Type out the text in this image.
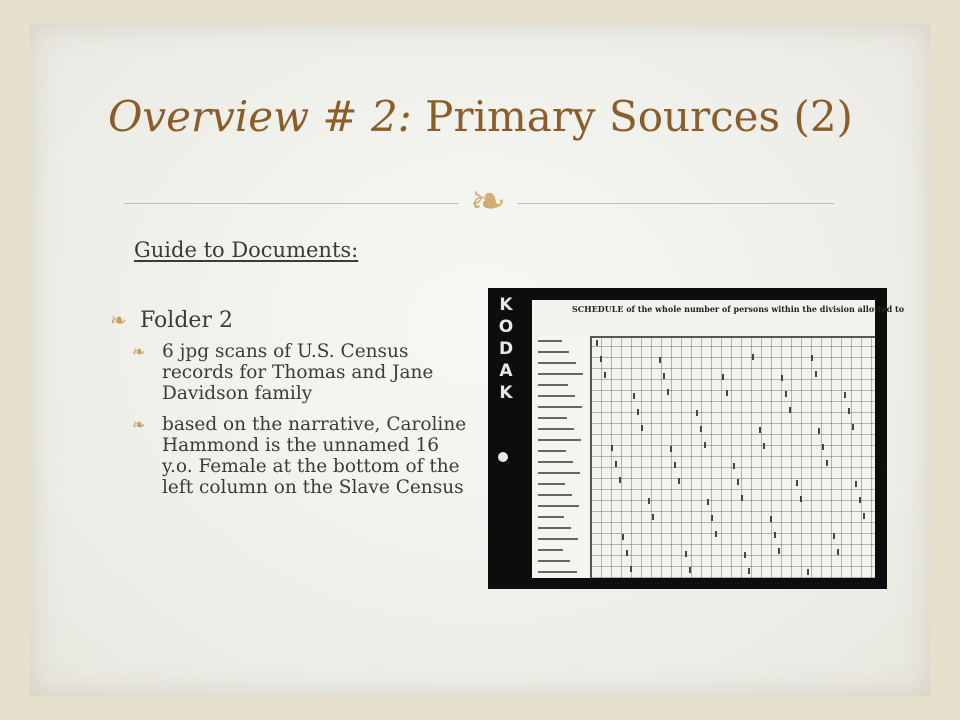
Overview # 2: Primary Sources (2)
❧
Guide to Documents:
❧ Folder 2
❧ 6 jpg scans of U.S. Census records for Thomas and Jane Davidson family
❧ based on the narrative, Caroline Hammond is the unnamed 16 y.o. Female at the bottom of the left column on the Slave Census
K
O
D
A
K
SCHEDULE of the whole number of persons within the division allotted to
